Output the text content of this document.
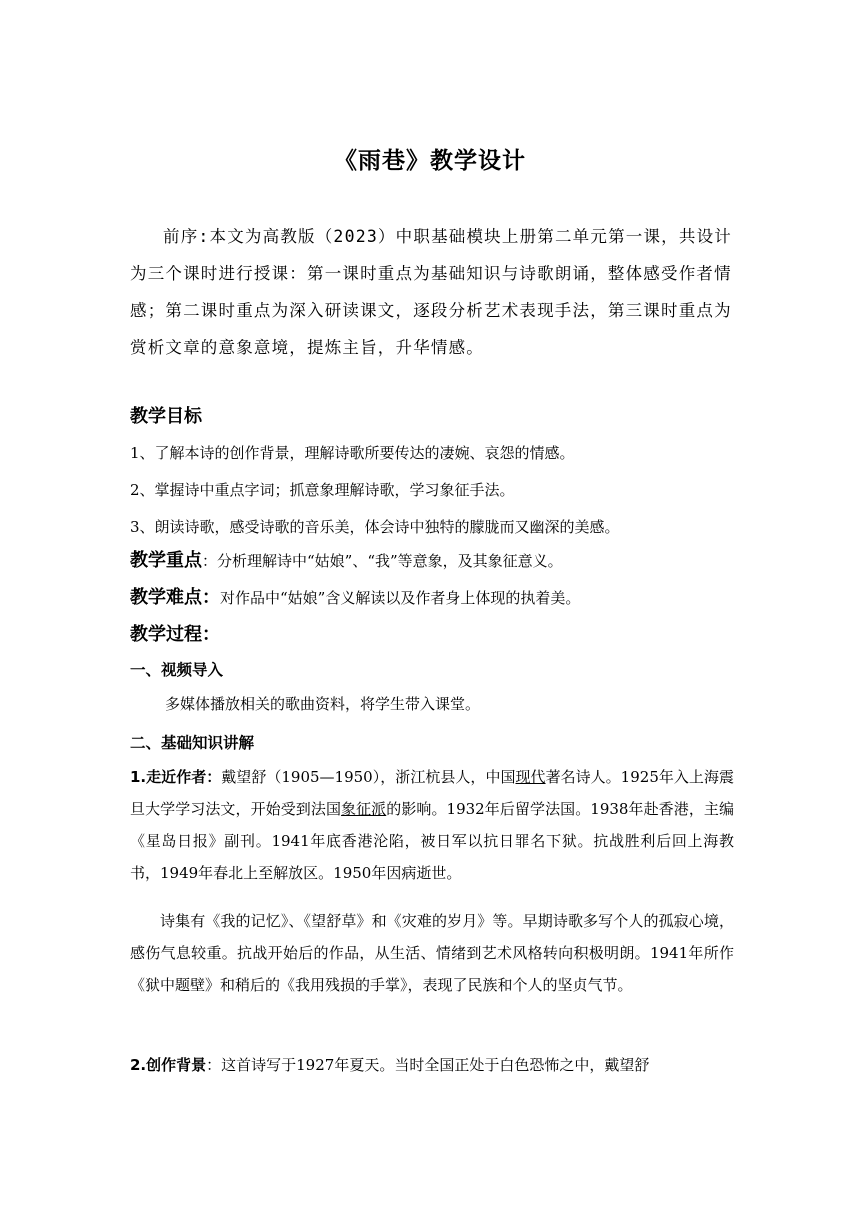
《雨巷》教学设计
前序:本文为高教版（2023）中职基础模块上册第二单元第一课，共设计为三个课时进行授课：第一课时重点为基础知识与诗歌朗诵，整体感受作者情感；第二课时重点为深入研读课文，逐段分析艺术表现手法，第三课时重点为赏析文章的意象意境，提炼主旨，升华情感。
教学目标
1、了解本诗的创作背景，理解诗歌所要传达的凄婉、哀怨的情感。
2、掌握诗中重点字词；抓意象理解诗歌，学习象征手法。
3、朗读诗歌，感受诗歌的音乐美，体会诗中独特的朦胧而又幽深的美感。
教学重点：分析理解诗中“姑娘”、“我”等意象，及其象征意义。
教学难点：对作品中“姑娘”含义解读以及作者身上体现的执着美。
教学过程：
一、视频导入
多媒体播放相关的歌曲资料，将学生带入课堂。
二、基础知识讲解
1.走近作者：戴望舒（1905—1950），浙江杭县人，中国现代著名诗人。1925年入上海震旦大学学习法文，开始受到法国象征派的影响。1932年后留学法国。1938年赴香港，主编《星岛日报》副刊。1941年底香港沦陷，被日军以抗日罪名下狱。抗战胜利后回上海教书，1949年春北上至解放区。1950年因病逝世。
诗集有《我的记忆》、《望舒草》和《灾难的岁月》等。早期诗歌多写个人的孤寂心境，感伤气息较重。抗战开始后的作品，从生活、情绪到艺术风格转向积极明朗。1941年所作《狱中题壁》和稍后的《我用残损的手掌》，表现了民族和个人的坚贞气节。
2.创作背景：这首诗写于1927年夏天。当时全国正处于白色恐怖之中，戴望舒
